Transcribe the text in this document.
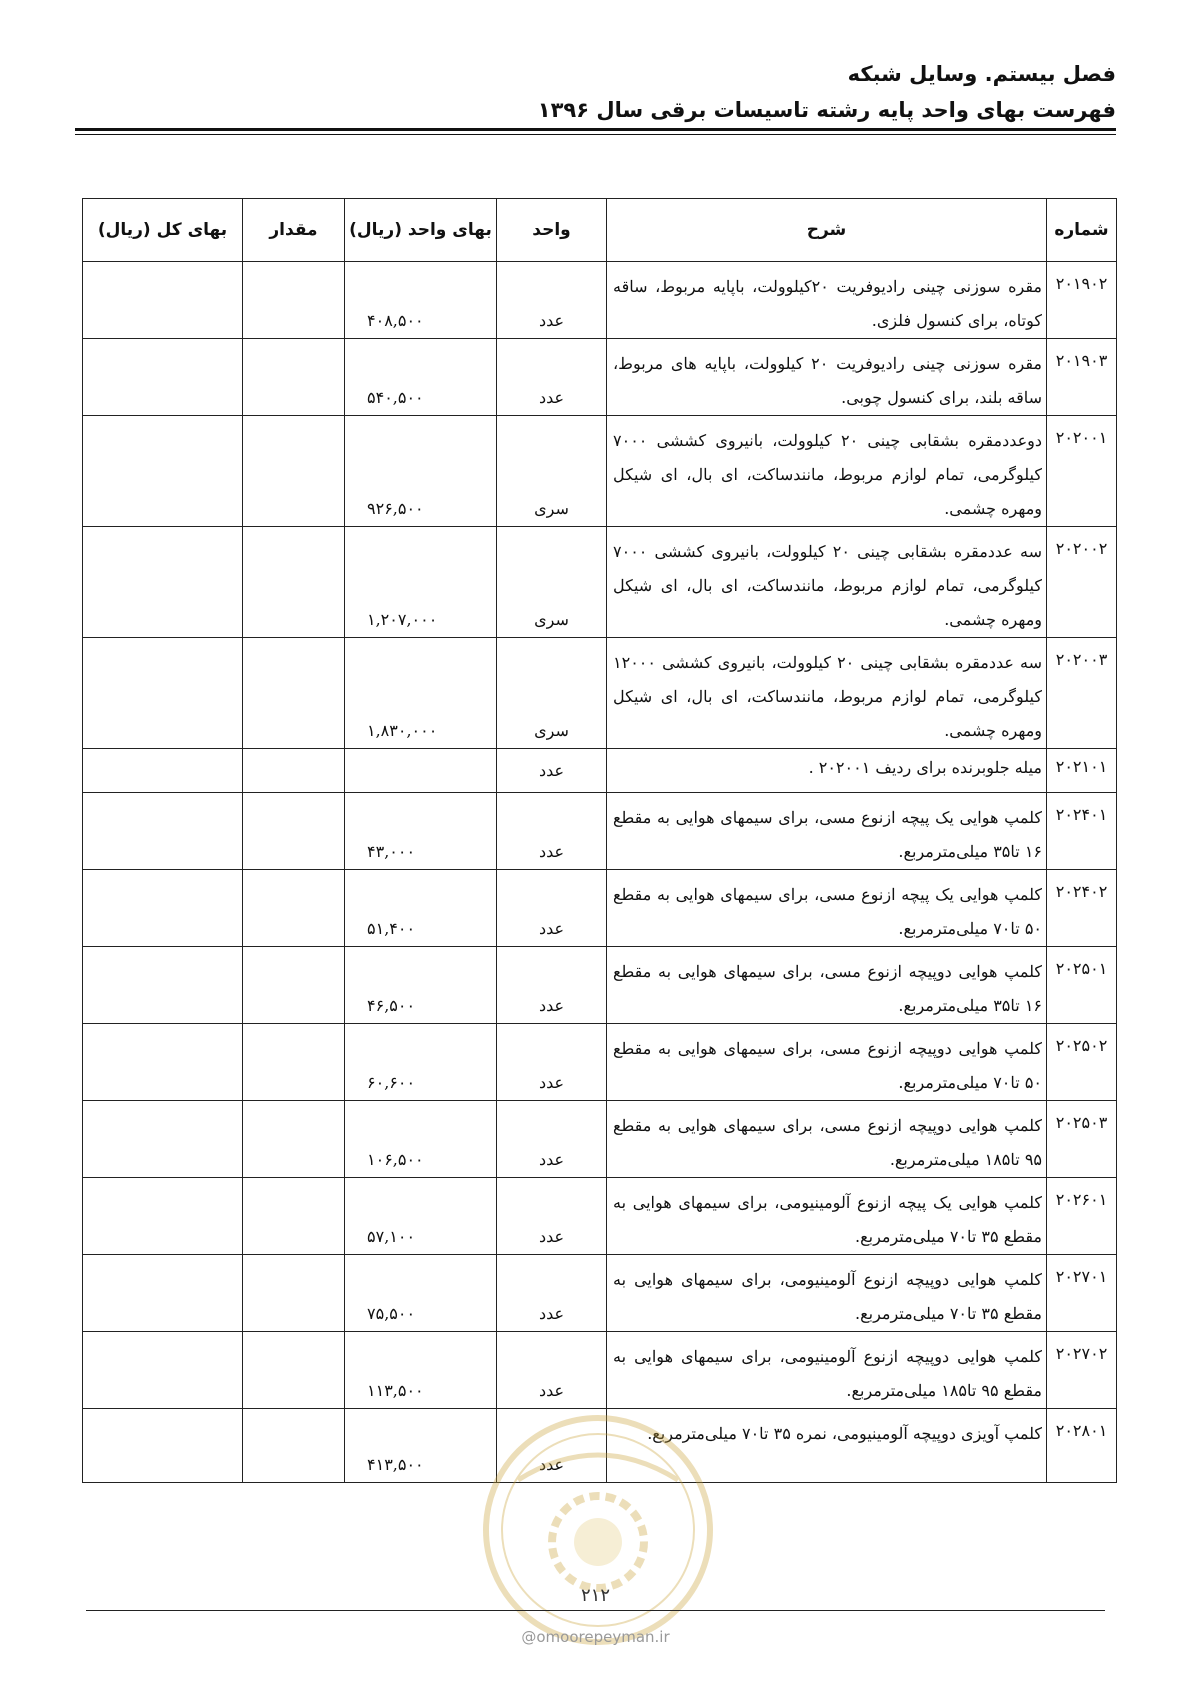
فصل بیستم. وسایل شبکه
فهرست بهای واحد پایه رشته تاسیسات برقی سال ۱۳۹۶
شماره	شرح	واحد	بهای واحد (ریال)	مقدار	بهای کل (ریال)
۲۰۱۹۰۲	مقره سوزنی چینی رادیوفریت ۲۰کیلوولت، باپایه مربوط، ساقه کوتاه، برای کنسول فلزی.	عدد	۴۰۸,۵۰۰		
۲۰۱۹۰۳	مقره سوزنی چینی رادیوفریت ۲۰ کیلوولت، باپایه های مربوط، ساقه بلند، برای کنسول چوبی.	عدد	۵۴۰,۵۰۰		
۲۰۲۰۰۱	دوعددمقره بشقابی چینی ۲۰ کیلوولت، بانیروی کششی ۷۰۰۰ کیلوگرمی، تمام لوازم مربوط، مانندساکت، ای بال، ای شیکل ومهره چشمی.	سری	۹۲۶,۵۰۰		
۲۰۲۰۰۲	سه عددمقره بشقابی چینی ۲۰ کیلوولت، بانیروی کششی ۷۰۰۰ کیلوگرمی، تمام لوازم مربوط، مانندساکت، ای بال، ای شیکل ومهره چشمی.	سری	۱,۲۰۷,۰۰۰		
۲۰۲۰۰۳	سه عددمقره بشقابی چینی ۲۰ کیلوولت، بانیروی کششی ۱۲۰۰۰ کیلوگرمی، تمام لوازم مربوط، مانندساکت، ای بال، ای شیکل ومهره چشمی.	سری	۱,۸۳۰,۰۰۰		
۲۰۲۱۰۱	میله جلوبرنده برای ردیف ۲۰۲۰۰۱ .	عدد			
۲۰۲۴۰۱	کلمپ هوایی یک پیچه ازنوع مسی، برای سیمهای هوایی به مقطع ۱۶ تا۳۵ میلی‌مترمربع.	عدد	۴۳,۰۰۰		
۲۰۲۴۰۲	کلمپ هوایی یک پیچه ازنوع مسی، برای سیمهای هوایی به مقطع ۵۰ تا۷۰ میلی‌مترمربع.	عدد	۵۱,۴۰۰		
۲۰۲۵۰۱	کلمپ هوایی دوپیچه ازنوع مسی، برای سیمهای هوایی به مقطع ۱۶ تا۳۵ میلی‌مترمربع.	عدد	۴۶,۵۰۰		
۲۰۲۵۰۲	کلمپ هوایی دوپیچه ازنوع مسی، برای سیمهای هوایی به مقطع ۵۰ تا۷۰ میلی‌مترمربع.	عدد	۶۰,۶۰۰		
۲۰۲۵۰۳	کلمپ هوایی دوپیچه ازنوع مسی، برای سیمهای هوایی به مقطع ۹۵ تا۱۸۵ میلی‌مترمربع.	عدد	۱۰۶,۵۰۰		
۲۰۲۶۰۱	کلمپ هوایی یک پیچه ازنوع آلومینیومی، برای سیمهای هوایی به مقطع ۳۵ تا۷۰ میلی‌مترمربع.	عدد	۵۷,۱۰۰		
۲۰۲۷۰۱	کلمپ هوایی دوپیچه ازنوع آلومینیومی، برای سیمهای هوایی به مقطع ۳۵ تا۷۰ میلی‌مترمربع.	عدد	۷۵,۵۰۰		
۲۰۲۷۰۲	کلمپ هوایی دوپیچه ازنوع آلومینیومی، برای سیمهای هوایی به مقطع ۹۵ تا۱۸۵ میلی‌مترمربع.	عدد	۱۱۳,۵۰۰		
۲۰۲۸۰۱	کلمپ آویزی دوپیچه آلومینیومی، نمره ۳۵ تا۷۰ میلی‌مترمربع.	عدد	۴۱۳,۵۰۰		
۲۱۲
@omoorepeyman.ir
